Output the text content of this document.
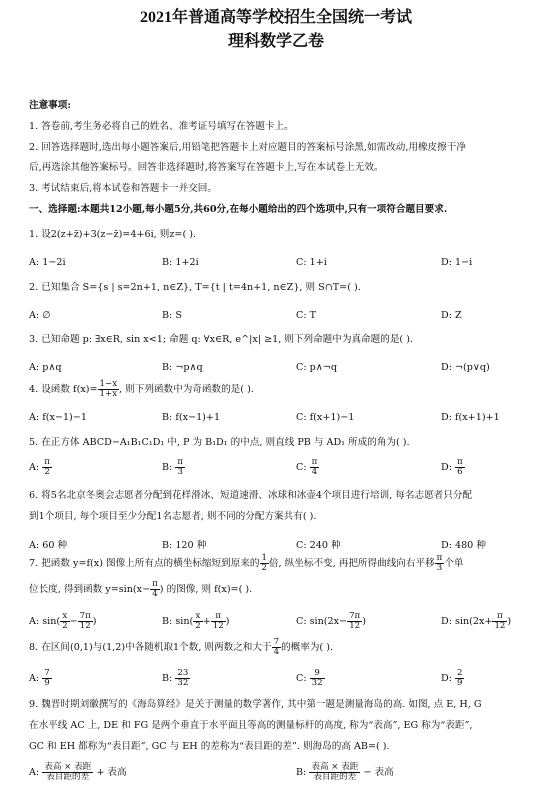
2021年普通高等学校招生全国统一考试
理科数学乙卷
注意事项:
1. 答卷前,考生务必将自己的姓名、准考证号填写在答题卡上。
2. 回答选择题时,选出每小题答案后,用铅笔把答题卡上对应题目的答案标号涂黑,如需改动,用橡皮擦干净
后,再选涂其他答案标号。回答非选择题时,将答案写在答题卡上,写在本试卷上无效。
3. 考试结束后,将本试卷和答题卡一并交回。
一、选择题:本题共12小题,每小题5分,共60分,在每小题给出的四个选项中,只有一项符合题目要求.
1. 设2(z+z̄)+3(z−z̄)=4+6i, 则z=( ).
A: 1−2i	B: 1+2i	C: 1+i	D: 1−i
2. 已知集合 S={s | s=2n+1, n∈Z}, T={t | t=4n+1, n∈Z}, 则 S∩T=( ).
A: ∅	B: S	C: T	D: Z
3. 已知命题 p: ∃x∈R, sin x<1; 命题 q: ∀x∈R, e^|x| ≥1, 则下列命题中为真命题的是( ).
A: p∧q	B: ¬p∧q	C: p∧¬q	D: ¬(p∨q)
4. 设函数 $f(x)= \frac{1-x}{1+x}$ , 则下列函数中为奇函数的是( ).
A: f(x−1)−1	B: f(x−1)+1	C: f(x+1)−1	D: f(x+1)+1
5. 在正方体 ABCD−A₁B₁C₁D₁ 中, P 为 B₁D₁ 的中点, 则直线 PB 与 AD₁ 所成的角为( ).
A: $\frac{\pi}{2}$	B: $\frac{\pi}{3}$	C: $\frac{\pi}{4}$	D: $\frac{\pi}{6}$
6. 将5名北京冬奥会志愿者分配到花样滑冰、短道速滑、冰球和冰壶4个项目进行培训, 每名志愿者只分配
到1个项目, 每个项目至少分配1名志愿者, 则不同的分配方案共有( ).
A: 60 种	B: 120 种	C: 240 种	D: 480 种
7. 把函数 y=f(x) 图像上所有点的横坐标缩短到原来的 $\frac{1}{2}$ 倍, 纵坐标不变, 再把所得曲线向右平移 $\frac{\pi}{3}$ 个单
位长度, 得到函数 $y=\sin(x- \frac{\pi}{4}$ ) 的图像, 则 f(x)=( ).
A: $\sin( \frac{x}{2} - \frac{7\pi}{12}$ )	B: $\sin( \frac{x}{2} + \frac{\pi}{12}$ )	C: $\sin(2x- \frac{7\pi}{12}$ )	D: $\sin(2x+ \frac{\pi}{12}$ )
8. 在区间(0,1)与(1,2)中各随机取1个数, 则两数之和大于 $\frac{7}{4}$ 的概率为( ).
A: $\frac{7}{9}$	B: $\frac{23}{32}$	C: $\frac{9}{32}$	D: $\frac{2}{9}$
9. 魏晋时期刘徽撰写的《海岛算经》是关于测量的数学著作, 其中第一题是测量海岛的高. 如图, 点 E, H, G
在水平线 AC 上, DE 和 FG 是两个垂直于水平面且等高的测量标杆的高度, 称为“表高”, EG 称为“表距”,
GC 和 EH 都称为“表目距”, GC 与 EH 的差称为“表目距的差”. 则海岛的高 AB=( ).
A: $\frac{\text{表高 × 表距}}{\text{表目距的差}}$ + 表高	B: $\frac{\text{表高 × 表距}}{\text{表目距的差}}$ − 表高
